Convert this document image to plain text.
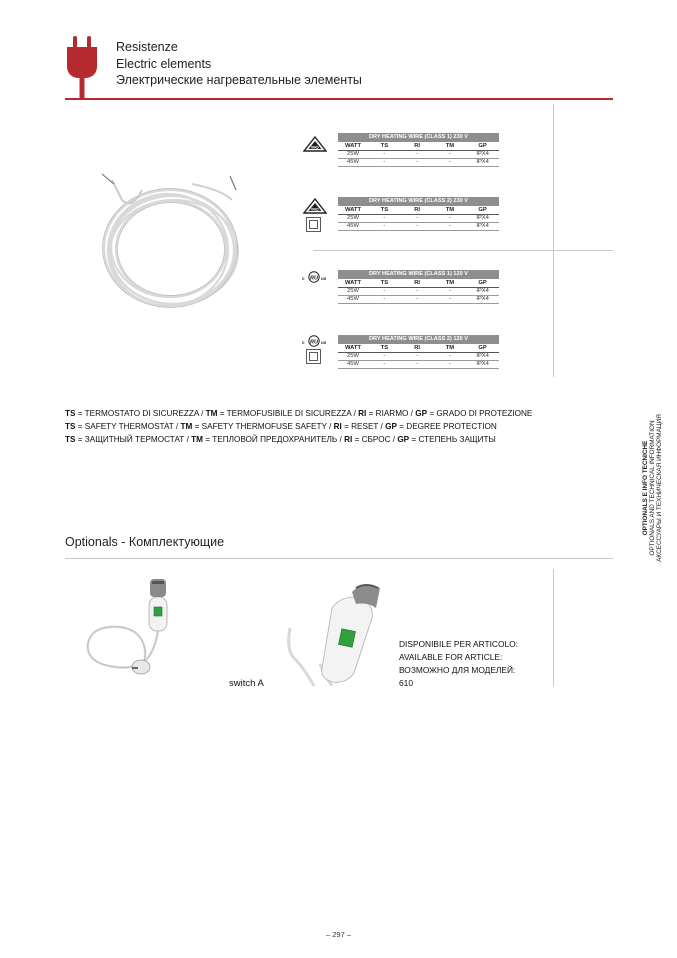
Resistenze
Electric elements
Электрические нагревательные элементы
IMQ
DRY HEATING WIRE (CLASS 1) 230 V
WATT	TS	RI	TM	GP
25W	-	-	-	IPX4
45W	-	-	-	IPX4
IMQ
DRY HEATING WIRE (CLASS 2) 230 V
WATT	TS	RI	TM	GP
25W	-	-	-	IPX4
45W	-	-	-	IPX4
c RU us
DRY HEATING WIRE (CLASS 1) 120 V
WATT	TS	RI	TM	GP
25W	-	-	-	IPX4
45W	-	-	-	IPX4
c RU us
DRY HEATING WIRE (CLASS 2) 120 V
WATT	TS	RI	TM	GP
25W	-	-	-	IPX4
45W	-	-	-	IPX4
TS = TERMOSTATO DI SICUREZZA / TM = TERMOFUSIBILE DI SICUREZZA / RI = RIARMO / GP = GRADO DI PROTEZIONE
TS = SAFETY THERMOSTAT / TM = SAFETY THERMOFUSE SAFETY / RI = RESET / GP = DEGREE PROTECTION
TS = ЗАЩИТНЫЙ ТЕРМОСТАТ / TM = ТЕПЛОВОЙ ПРЕДОХРАНИТЕЛЬ / RI = СБРОС / GP = СТЕПЕНЬ ЗАЩИТЫ
OPTIONALS E INFO TECNICHE OPTIONALS AND TECHNICAL INFORMATION АКСЕССУАРЫ И ТЕХНИЧЕСКАЯ ИНФОРМАЦИЯ
Optionals - Комплектующие
switch A
DISPONIBILE PER ARTICOLO:
AVAILABLE FOR ARTICLE:
ВОЗМОЖНО ДЛЯ МОДЕЛЕЙ:
610
– 297 –
